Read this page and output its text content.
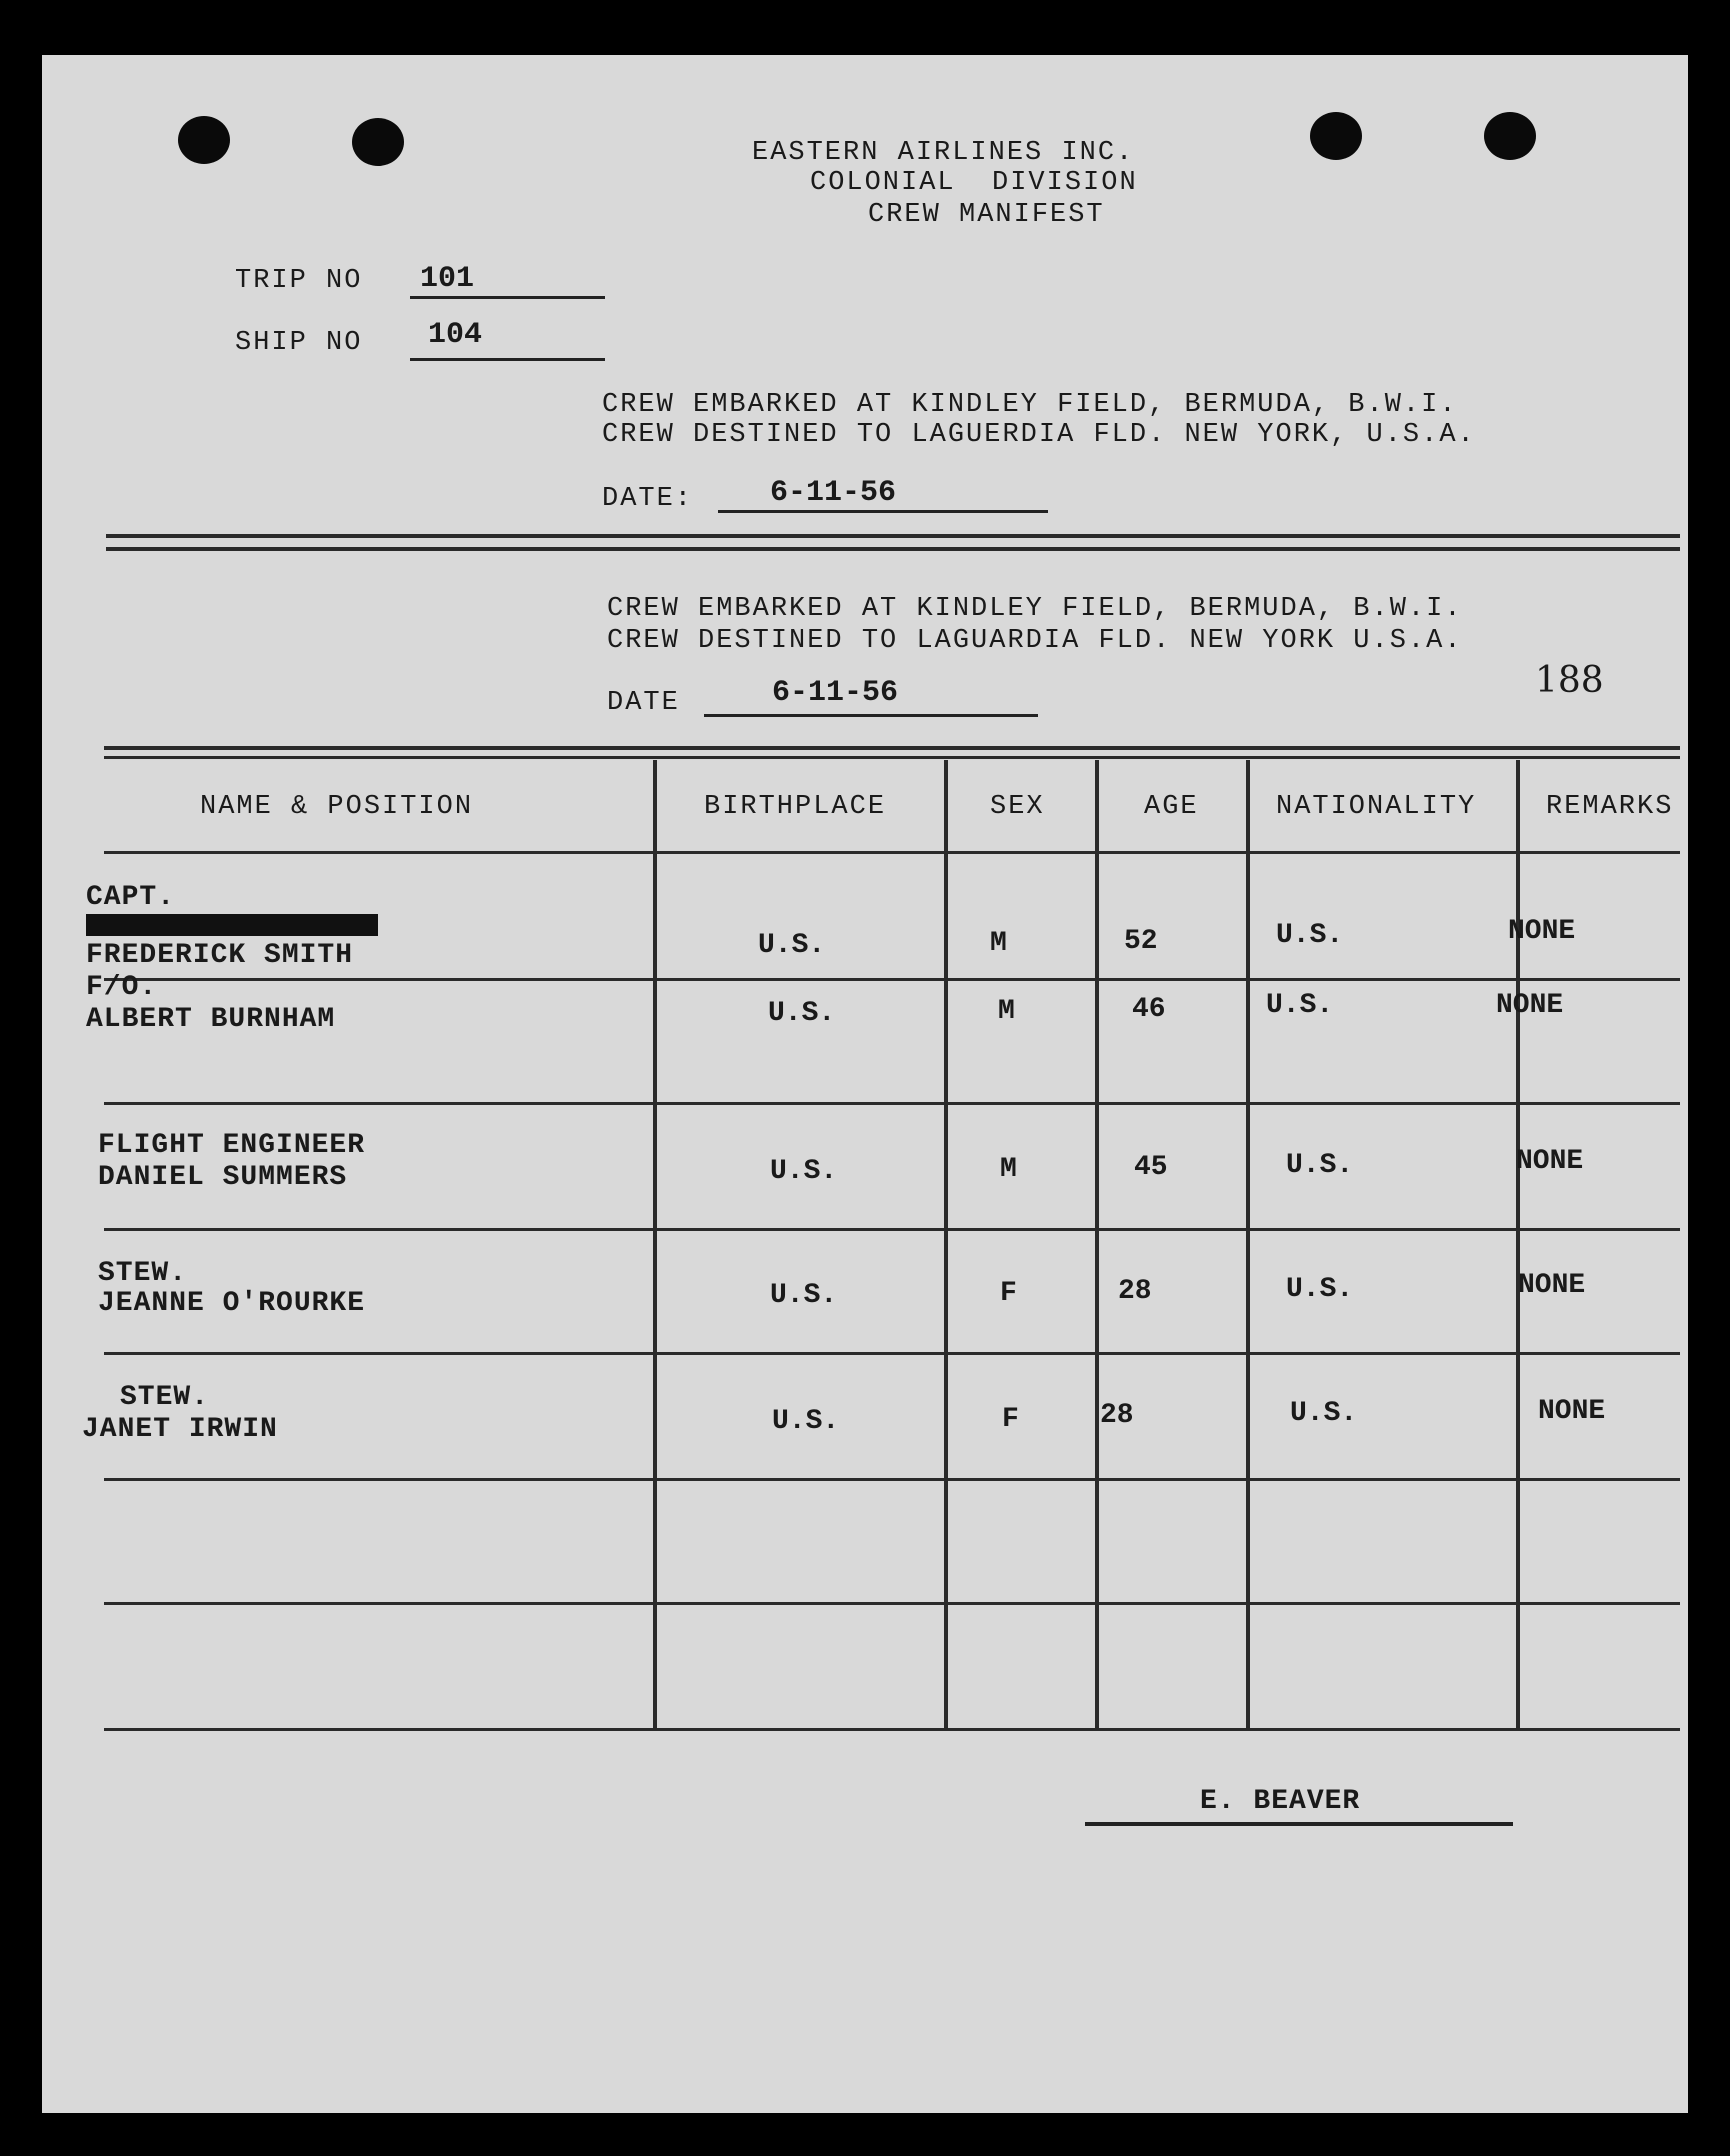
EASTERN AIRLINES INC.
COLONIAL  DIVISION
CREW MANIFEST
TRIP NO 101
SHIP NO 104
CREW EMBARKED AT KINDLEY FIELD, BERMUDA, B.W.I.
CREW DESTINED TO LAGUERDIA FLD. NEW YORK, U.S.A.
DATE:	6-11-56
CREW EMBARKED AT KINDLEY FIELD, BERMUDA, B.W.I.
CREW DESTINED TO LAGUARDIA FLD. NEW YORK U.S.A.
DATE	6-11-56	188
NAME & POSITION	BIRTHPLACE	SEX	AGE	NATIONALITY	REMARKS
CAPT.
FREDERICK SMITH	U.S.	M	52	U.S.	NONE
F/O.
ALBERT BURNHAM	U.S.	M	46	U.S.	NONE
FLIGHT ENGINEER
DANIEL SUMMERS	U.S.	M	45	U.S.	NONE
STEW.
JEANNE O'ROURKE	U.S.	F	28	U.S.	NONE
STEW.
JANET IRWIN	U.S.	F	28	U.S.	NONE
E. BEAVER
